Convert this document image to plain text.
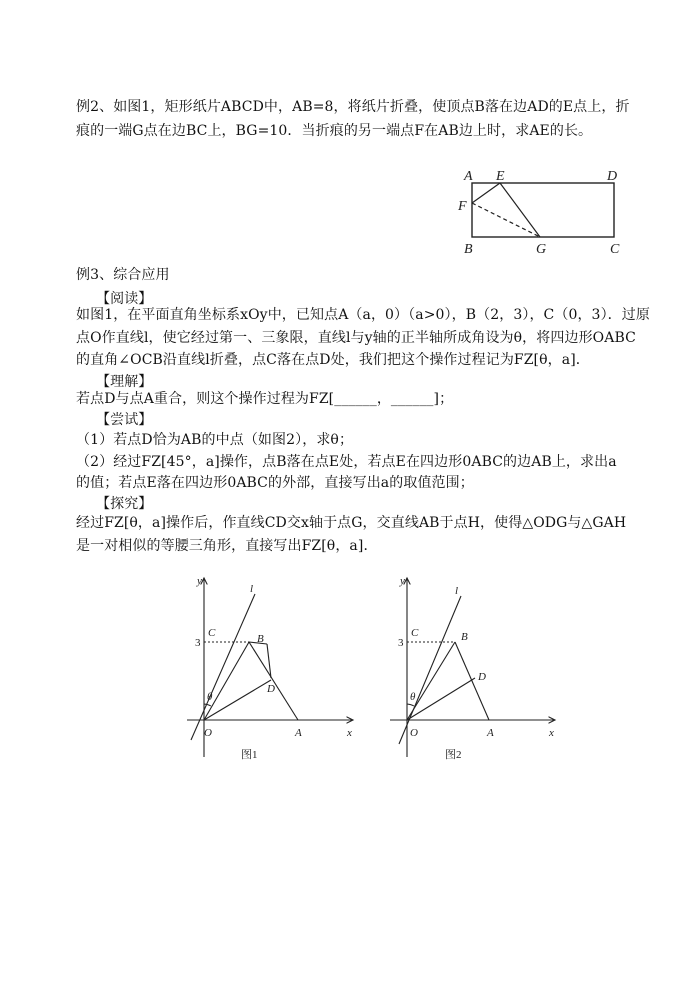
例2、如图1，矩形纸片ABCD中，AB=8，将纸片折叠，使顶点B落在边AD的E点上，折
痕的一端G点在边BC上，BG=10．当折痕的另一端点F在AB边上时，求AE的长。
A E	D
F
B	G	C
例3、综合应用
【阅读】
如图1，在平面直角坐标系xOy中，已知点A（a，0）（a>0），B（2，3），C（0，3）．过原
点O作直线l，使它经过第一、三象限，直线l与y轴的正半轴所成角设为θ，将四边形OABC
的直角∠OCB沿直线l折叠，点C落在点D处，我们把这个操作过程记为FZ[θ，a]．
【理解】
若点D与点A重合，则这个操作过程为FZ[______，______]；
【尝试】
（1）若点D恰为AB的中点（如图2），求θ；
（2）经过FZ[45°，a]操作，点B落在点E处，若点E在四边形0ABC的边AB上，求出a
的值；若点E落在四边形0ABC的外部，直接写出a的取值范围；
【探究】
经过FZ[θ，a]操作后，作直线CD交x轴于点G，交直线AB于点H，使得△ODG与△GAH
是一对相似的等腰三角形，直接写出FZ[θ，a]．
y
x
O	A
B
C
D
l
3
θ
图1
y
x
O	A
B
C
D
l
3
θ
图2
